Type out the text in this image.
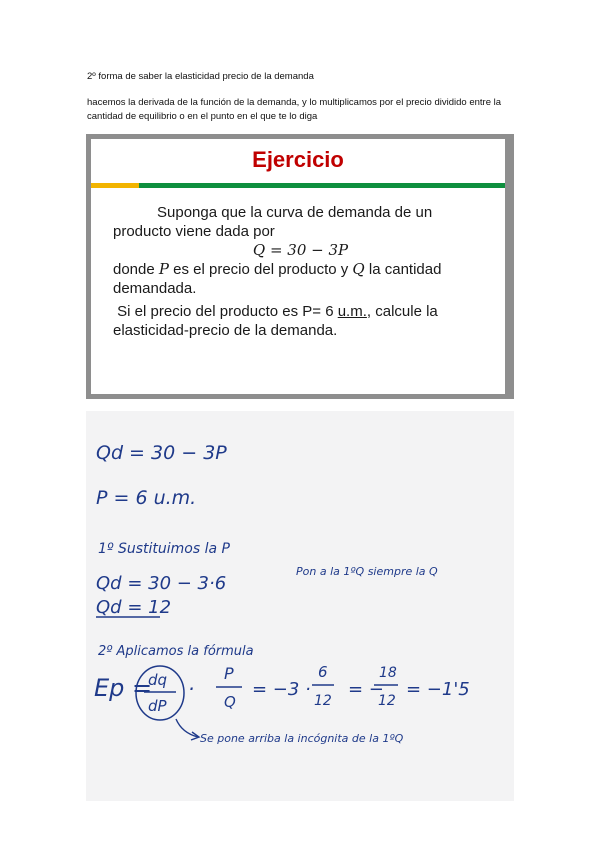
2º forma de saber la elasticidad precio de la demanda

hacemos la derivada de la función de la demanda, y lo multiplicamos por el precio dividido entre la cantidad de equilibrio o en el punto en el que te lo diga

Ejercicio

Suponga que la curva de demanda de un producto viene dada por

Q = 30 − 3P

donde P es el precio del producto y Q la cantidad demandada.

Si el precio del producto es P= 6 u.m., calcule la elasticidad-precio de la demanda.

Qd = 30 − 3P
P = 6 u.m.
1º Sustituimos la P
Pon a la 1ºQ siempre la Q
Qd = 30 − 3·6
Qd = 12
2º Aplicamos la fórmula
Ep =
dq
dP
·
P
Q
= −3 ·
6
12
= −
18
12
= −1'5
Se pone arriba la incógnita de la 1ºQ
